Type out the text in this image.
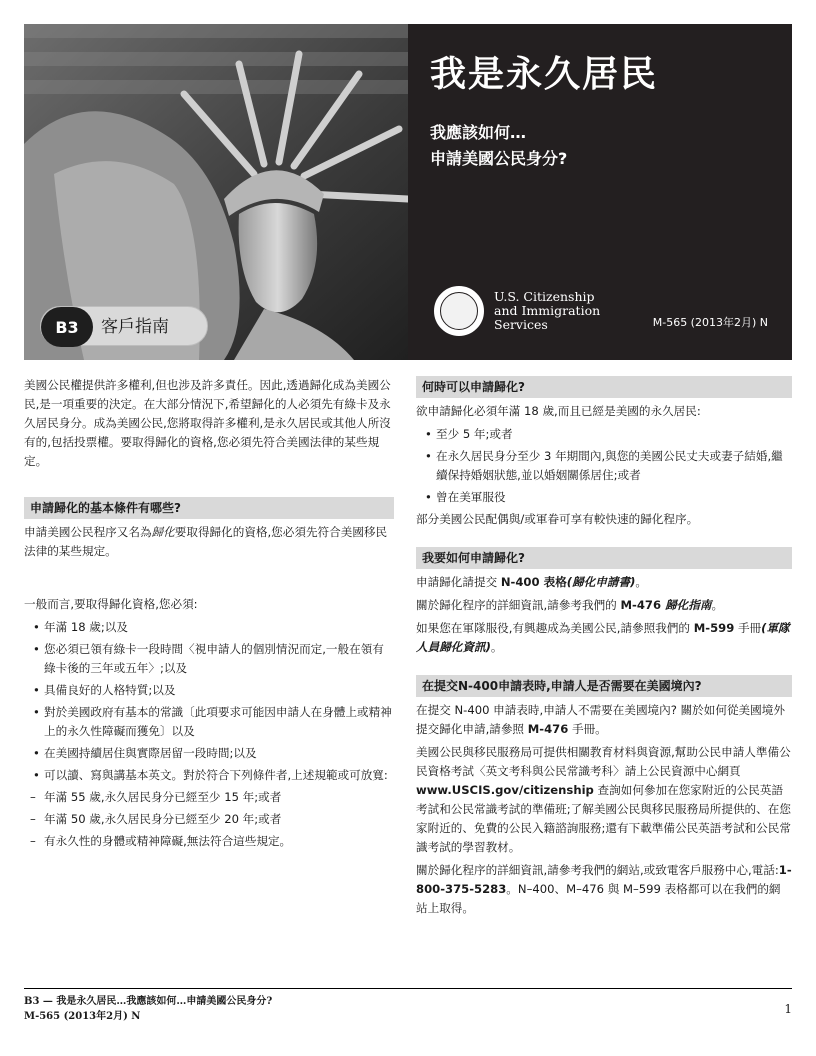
B3	客戶指南
我是永久居民
我應該如何…
申請美國公民身分?
U.S. Citizenship
and Immigration
Services	M-565 (2013年2月) N

美國公民權提供許多權利,但也涉及許多責任。因此,透過歸化成為美國公民,是一項重要的決定。在大部分情況下,希望歸化的人必須先有綠卡及永久居民身分。成為美國公民,您將取得許多權利,是永久居民或其他人所沒有的,包括投票權。要取得歸化的資格,您必須先符合美國法律的某些規定。

申請歸化的基本條件有哪些?

申請美國公民程序又名為歸化要取得歸化的資格,您必須先符合美國移民法律的某些規定。

一般而言,要取得歸化資格,您必須:

• 年滿 18 歲;以及
• 您必須已領有綠卡一段時間〈視申請人的個別情況而定,一般在領有綠卡後的三年或五年〉;以及
• 具備良好的人格特質;以及
• 對於美國政府有基本的常識〔此項要求可能因申請人在身體上或精神上的永久性障礙而獲免〕以及
• 在美國持續居住與實際居留一段時間;以及
• 可以讀、寫與講基本英文。對於符合下列條件者,上述規範或可放寬:
– 年滿 55 歲,永久居民身分已經至少 15 年;或者
– 年滿 50 歲,永久居民身分已經至少 20 年;或者
– 有永久性的身體或精神障礙,無法符合這些規定。
何時可以申請歸化?

欲申請歸化必須年滿 18 歲,而且已經是美國的永久居民:

• 至少 5 年;或者
• 在永久居民身分至少 3 年期間內,與您的美國公民丈夫或妻子結婚,繼續保持婚姻狀態,並以婚姻關係居住;或者
• 曾在美軍服役

部分美國公民配偶與/或軍眷可享有較快速的歸化程序。

我要如何申請歸化?

申請歸化請提交 N-400 表格(歸化申請書)。

關於歸化程序的詳細資訊,請參考我們的 M-476 歸化指南。

如果您在軍隊服役,有興趣成為美國公民,請參照我們的 M-599 手冊(軍隊人員歸化資訊)。

在提交N-400申請表時,申請人是否需要在美國境內?

在提交 N-400 申請表時,申請人不需要在美國境內? 關於如何從美國境外提交歸化申請,請參照 M-476 手冊。

美國公民與移民服務局可提供相關教育材料與資源,幫助公民申請人準備公民資格考試〈英文考科與公民常識考科〉請上公民資源中心網頁 www.USCIS.gov/citizenship 查詢如何參加在您家附近的公民英語考試和公民常識考試的準備班;了解美國公民與移民服務局所提供的、在您家附近的、免費的公民入籍諮詢服務;還有下載準備公民英語考試和公民常識考試的學習教材。

關於歸化程序的詳細資訊,請參考我們的網站,或致電客戶服務中心,電話:1-800-375-5283。N–400、M–476 與 M–599 表格都可以在我們的網站上取得。

B3 — 我是永久居民…我應該如何…申請美國公民身分?
M-565 (2013年2月) N
1
